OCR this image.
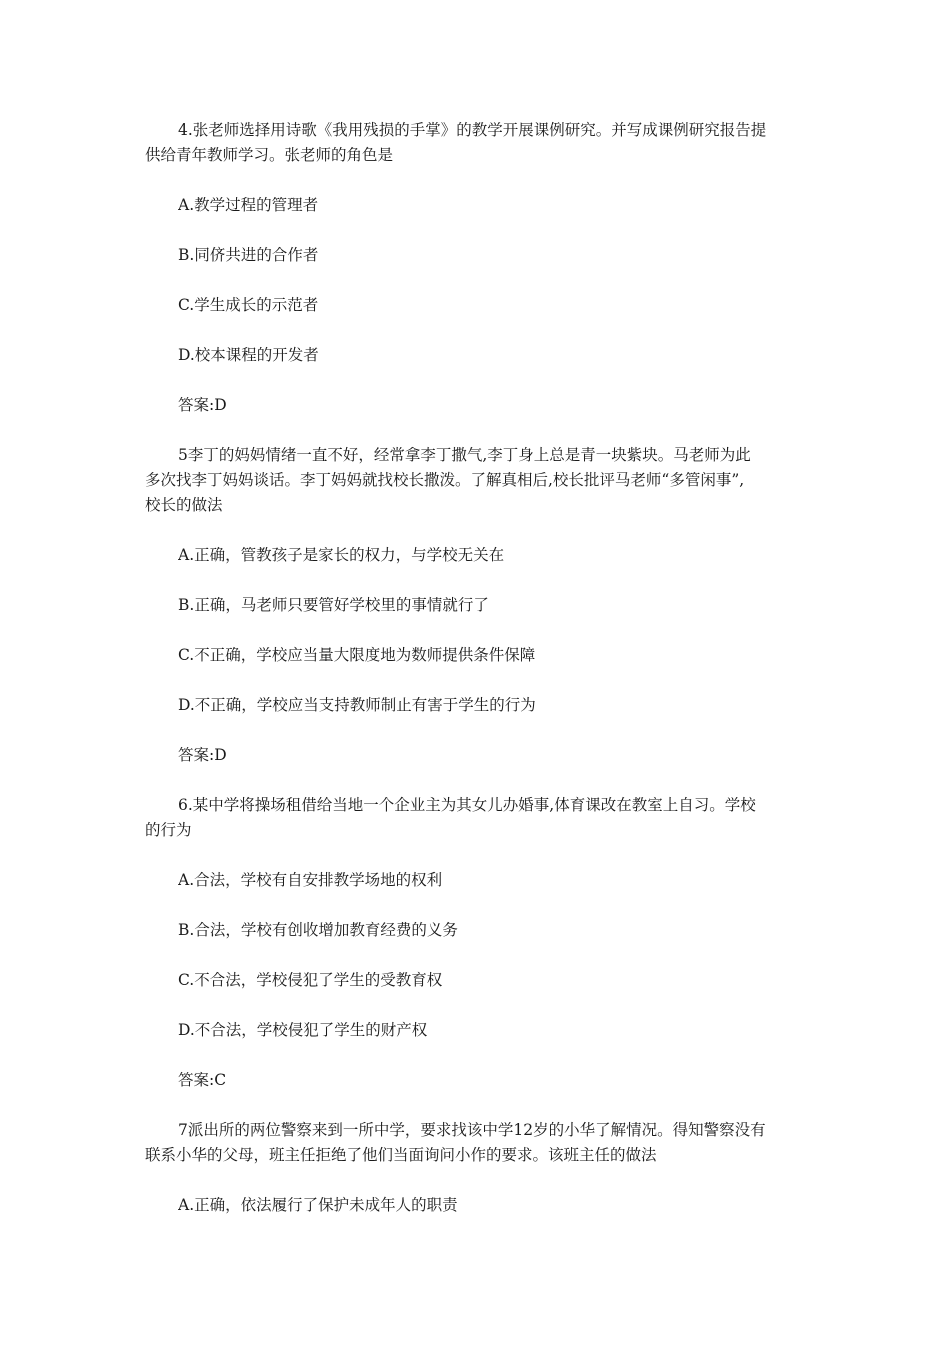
4.张老师选择用诗歌《我用残损的手掌》的教学开展课例研究。并写成课例研究报告提
供给青年教师学习。张老师的角色是
A.教学过程的管理者
B.同侪共进的合作者
C.学生成长的示范者
D.校本课程的开发者
答案:D
5李丁的妈妈情绪一直不好，经常拿李丁撒气,李丁身上总是青一块紫块。马老师为此
多次找李丁妈妈谈话。李丁妈妈就找校长撒泼。了解真相后,校长批评马老师“多管闲事”,
校长的做法
A.正确，管教孩子是家长的权力，与学校无关在
B.正确，马老师只要管好学校里的事情就行了
C.不正确，学校应当量大限度地为数师提供条件保障
D.不正确，学校应当支持教师制止有害于学生的行为
答案:D
6.某中学将操场租借给当地一个企业主为其女儿办婚事,体育课改在教室上自习。学校
的行为
A.合法，学校有自安排教学场地的权利
B.合法，学校有创收增加教育经费的义务
C.不合法，学校侵犯了学生的受教育权
D.不合法，学校侵犯了学生的财产权
答案:C
7派出所的两位警察来到一所中学，要求找该中学12岁的小华了解情况。得知警察没有
联系小华的父母，班主任拒绝了他们当面询问小作的要求。该班主任的做法
A.正确，依法履行了保护未成年人的职责
